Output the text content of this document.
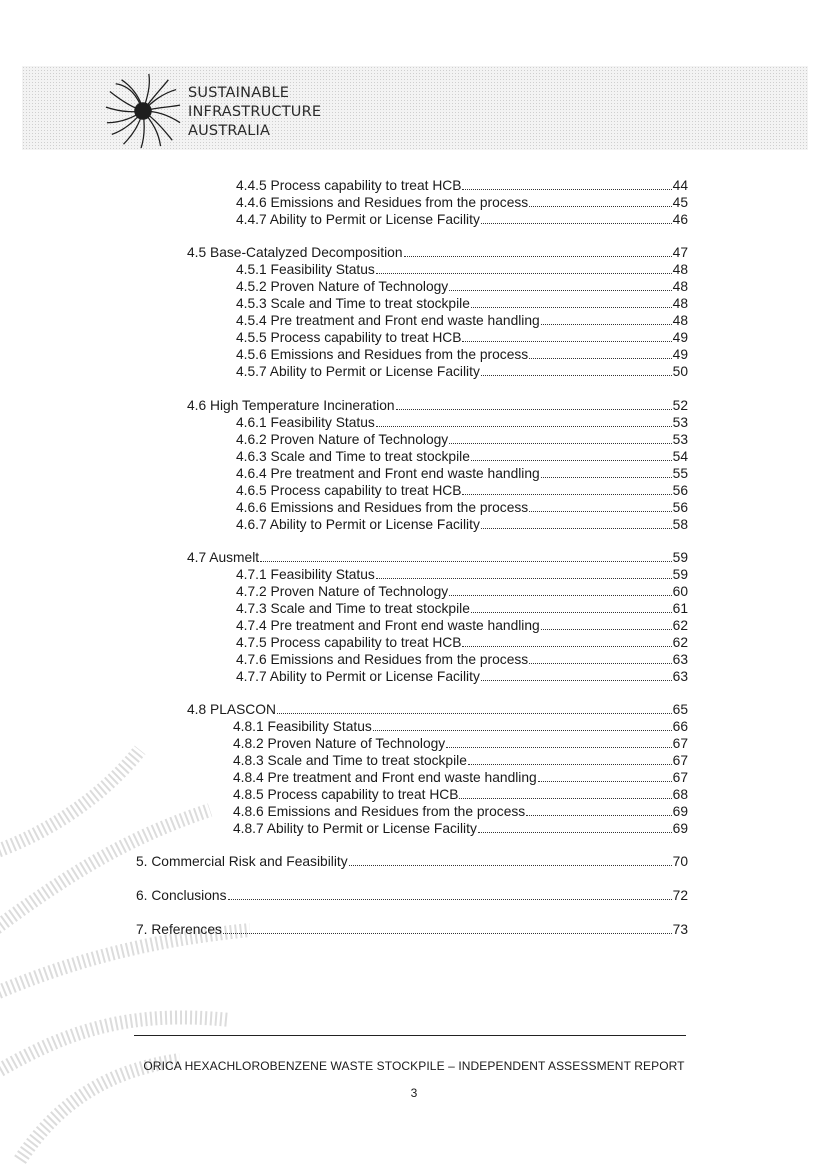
SUSTAINABLE
INFRASTRUCTURE
AUSTRALIA
4.4.5 Process capability to treat HCB	44
4.4.6 Emissions and Residues from the process	45
4.4.7 Ability to Permit or License Facility	46
4.5 Base-Catalyzed Decomposition	47
4.5.1 Feasibility Status	48
4.5.2 Proven Nature of Technology	48
4.5.3 Scale and Time to treat stockpile	48
4.5.4 Pre treatment and Front end waste handling	48
4.5.5 Process capability to treat HCB	49
4.5.6 Emissions and Residues from the process	49
4.5.7 Ability to Permit or License Facility	50
4.6 High Temperature Incineration	52
4.6.1 Feasibility Status	53
4.6.2 Proven Nature of Technology	53
4.6.3 Scale and Time to treat stockpile	54
4.6.4 Pre treatment and Front end waste handling	55
4.6.5 Process capability to treat HCB	56
4.6.6 Emissions and Residues from the process	56
4.6.7 Ability to Permit or License Facility	58
4.7 Ausmelt	59
4.7.1 Feasibility Status	59
4.7.2 Proven Nature of Technology	60
4.7.3 Scale and Time to treat stockpile	61
4.7.4 Pre treatment and Front end waste handling	62
4.7.5 Process capability to treat HCB	62
4.7.6 Emissions and Residues from the process	63
4.7.7 Ability to Permit or License Facility	63
4.8 PLASCON	65
4.8.1 Feasibility Status	66
4.8.2 Proven Nature of Technology	67
4.8.3 Scale and Time to treat stockpile	67
4.8.4 Pre treatment and Front end waste handling	67
4.8.5 Process capability to treat HCB	68
4.8.6 Emissions and Residues from the process	69
4.8.7 Ability to Permit or License Facility	69
5. Commercial Risk and Feasibility	70
6. Conclusions	72
7. References	73
ORICA HEXACHLOROBENZENE WASTE STOCKPILE – INDEPENDENT ASSESSMENT REPORT
3
